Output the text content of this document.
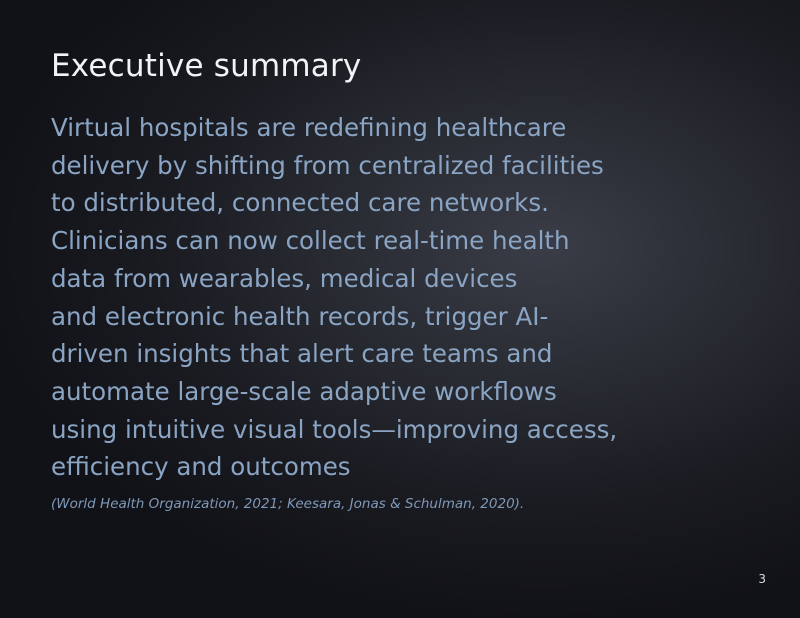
Executive summary

Virtual hospitals are redefining healthcare
delivery by shifting from centralized facilities
to distributed, connected care networks.
Clinicians can now collect real-time health
data from wearables, medical devices
and electronic health records, trigger AI-
driven insights that alert care teams and
automate large-scale adaptive workflows
using intuitive visual tools—improving access,
efficiency and outcomes

(World Health Organization, 2021; Keesara, Jonas & Schulman, 2020).

3
